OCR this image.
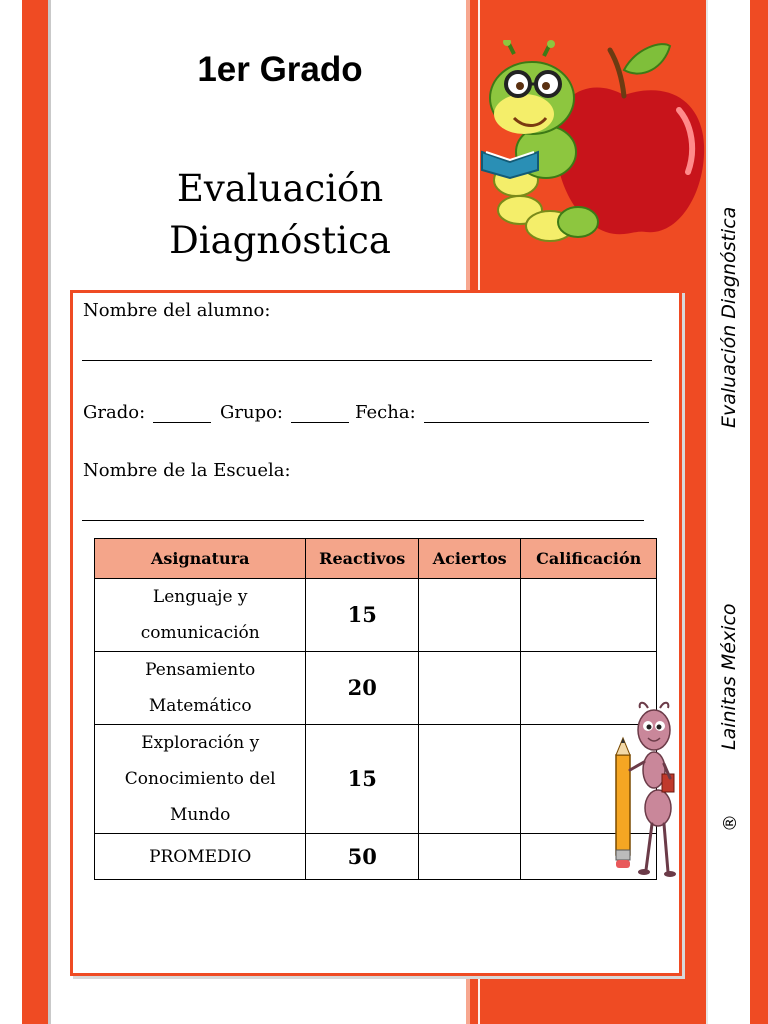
1er Grado
Evaluación
Diagnóstica	Evaluación Diagnóstica
Lainitas México
®
Nombre del alumno:
Grado:	Grupo:	Fecha:
Nombre de la Escuela:
Asignatura	Reactivos	Aciertos	Calificación

Lenguaje y
comunicación	15		

Pensamiento
Matemático	20		

Exploración y
Conocimiento del
Mundo	15		
PROMEDIO	50		
